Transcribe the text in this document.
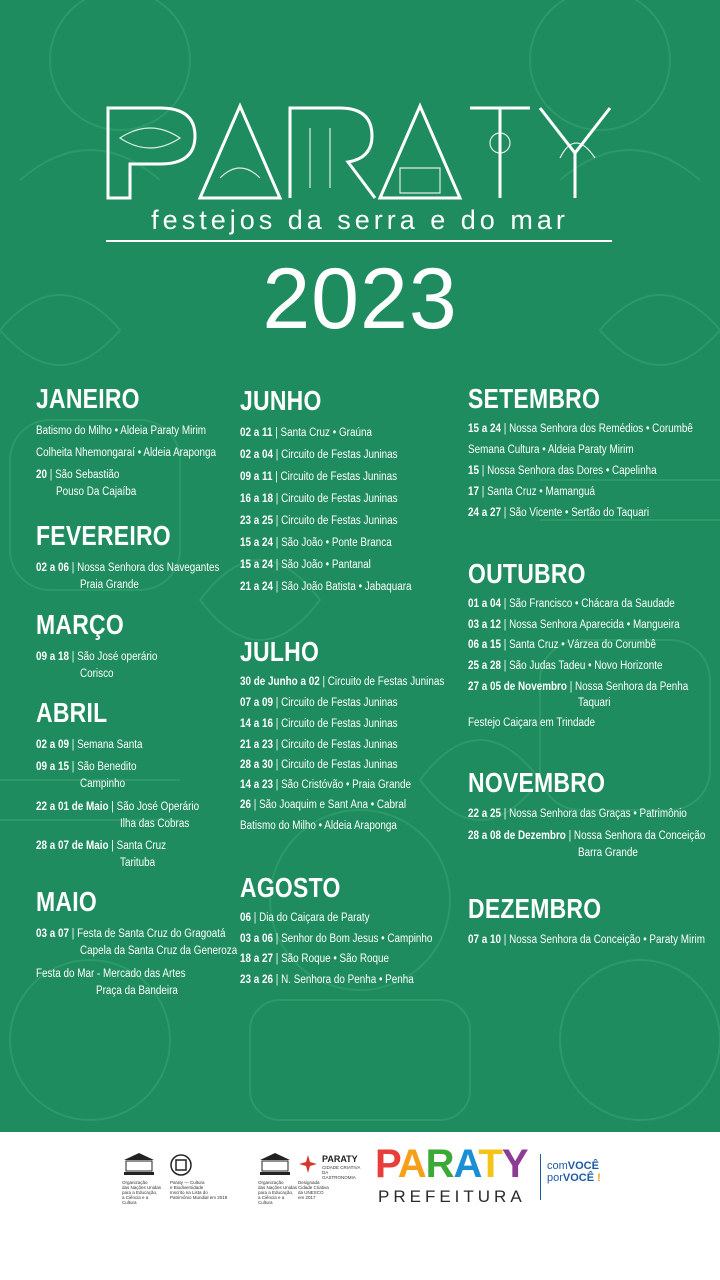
festejos da serra e do mar
2023
JANEIRO
Batismo do Milho • Aldeia Paraty Mirim
Colheita Nhemongaraí • Aldeia Araponga
20 | São Sebastião
Pouso Da Cajaíba
FEVEREIRO
02 a 06 | Nossa Senhora dos Navegantes
Praia Grande
MARÇO
09 a 18 | São José operário
Corisco
ABRIL
02 a 09 | Semana Santa
09 a 15 | São Benedito
Campinho
22 a 01 de Maio | São José Operário
Ilha das Cobras
28 a 07 de Maio | Santa Cruz
Tarituba
MAIO
03 a 07 | Festa de Santa Cruz do Gragoatá
Capela da Santa Cruz da Generoza
Festa do Mar - Mercado das Artes
Praça da Bandeira
JUNHO
02 a 11 | Santa Cruz • Graúna
02 a 04 | Circuito de Festas Juninas
09 a 11 | Circuito de Festas Juninas
16 a 18 | Circuito de Festas Juninas
23 a 25 | Circuito de Festas Juninas
15 a 24 | São João • Ponte Branca
15 a 24 | São João • Pantanal
21 a 24 | São João Batista • Jabaquara
JULHO
30 de Junho a 02 | Circuito de Festas Juninas
07 a 09 | Circuito de Festas Juninas
14 a 16 | Circuito de Festas Juninas
21 a 23 | Circuito de Festas Juninas
28 a 30 | Circuito de Festas Juninas
14 a 23 | São Cristóvão • Praia Grande
26 | São Joaquim e Sant Ana • Cabral
Batismo do Milho • Aldeia Araponga
AGOSTO
06 | Dia do Caiçara de Paraty
03 a 06 | Senhor do Bom Jesus • Campinho
18 a 27 | São Roque • São Roque
23 a 26 | N. Senhora do Penha • Penha
SETEMBRO
15 a 24 | Nossa Senhora dos Remédios • Corumbê
Semana Cultura • Aldeia Paraty Mirim
15 | Nossa Senhora das Dores • Capelinha
17 | Santa Cruz • Mamanguá
24 a 27 | São Vicente • Sertão do Taquari
OUTUBRO
01 a 04 | São Francisco • Chácara da Saudade
03 a 12 | Nossa Senhora Aparecida • Mangueira
06 a 15 | Santa Cruz • Várzea do Corumbê
25 a 28 | São Judas Tadeu • Novo Horizonte
27 a 05 de Novembro | Nossa Senhora da Penha
Taquari
Festejo Caiçara em Trindade
NOVEMBRO
22 a 25 | Nossa Senhora das Graças • Patrimônio
28 a 08 de Dezembro | Nossa Senhora da Conceição
Barra Grande
DEZEMBRO
07 a 10 | Nossa Senhora da Conceição • Paraty Mirim
Organização
das Nações Unidas
para a Educação,
a Ciência e a Cultura
Paraty — Cultura
e Biodiversidade
Inscrito na Lista do
Patrimônio Mundial em 2019
Organização
das Nações Unidas
para a Educação,
a Ciência e a Cultura
PARATY
CIDADE CRIATIVA DA GASTRONOMIA
Designada
Cidade Criativa
da UNESCO
em 2017
PARATY
PREFEITURA
comVOCÊ
porVOCÊ !
